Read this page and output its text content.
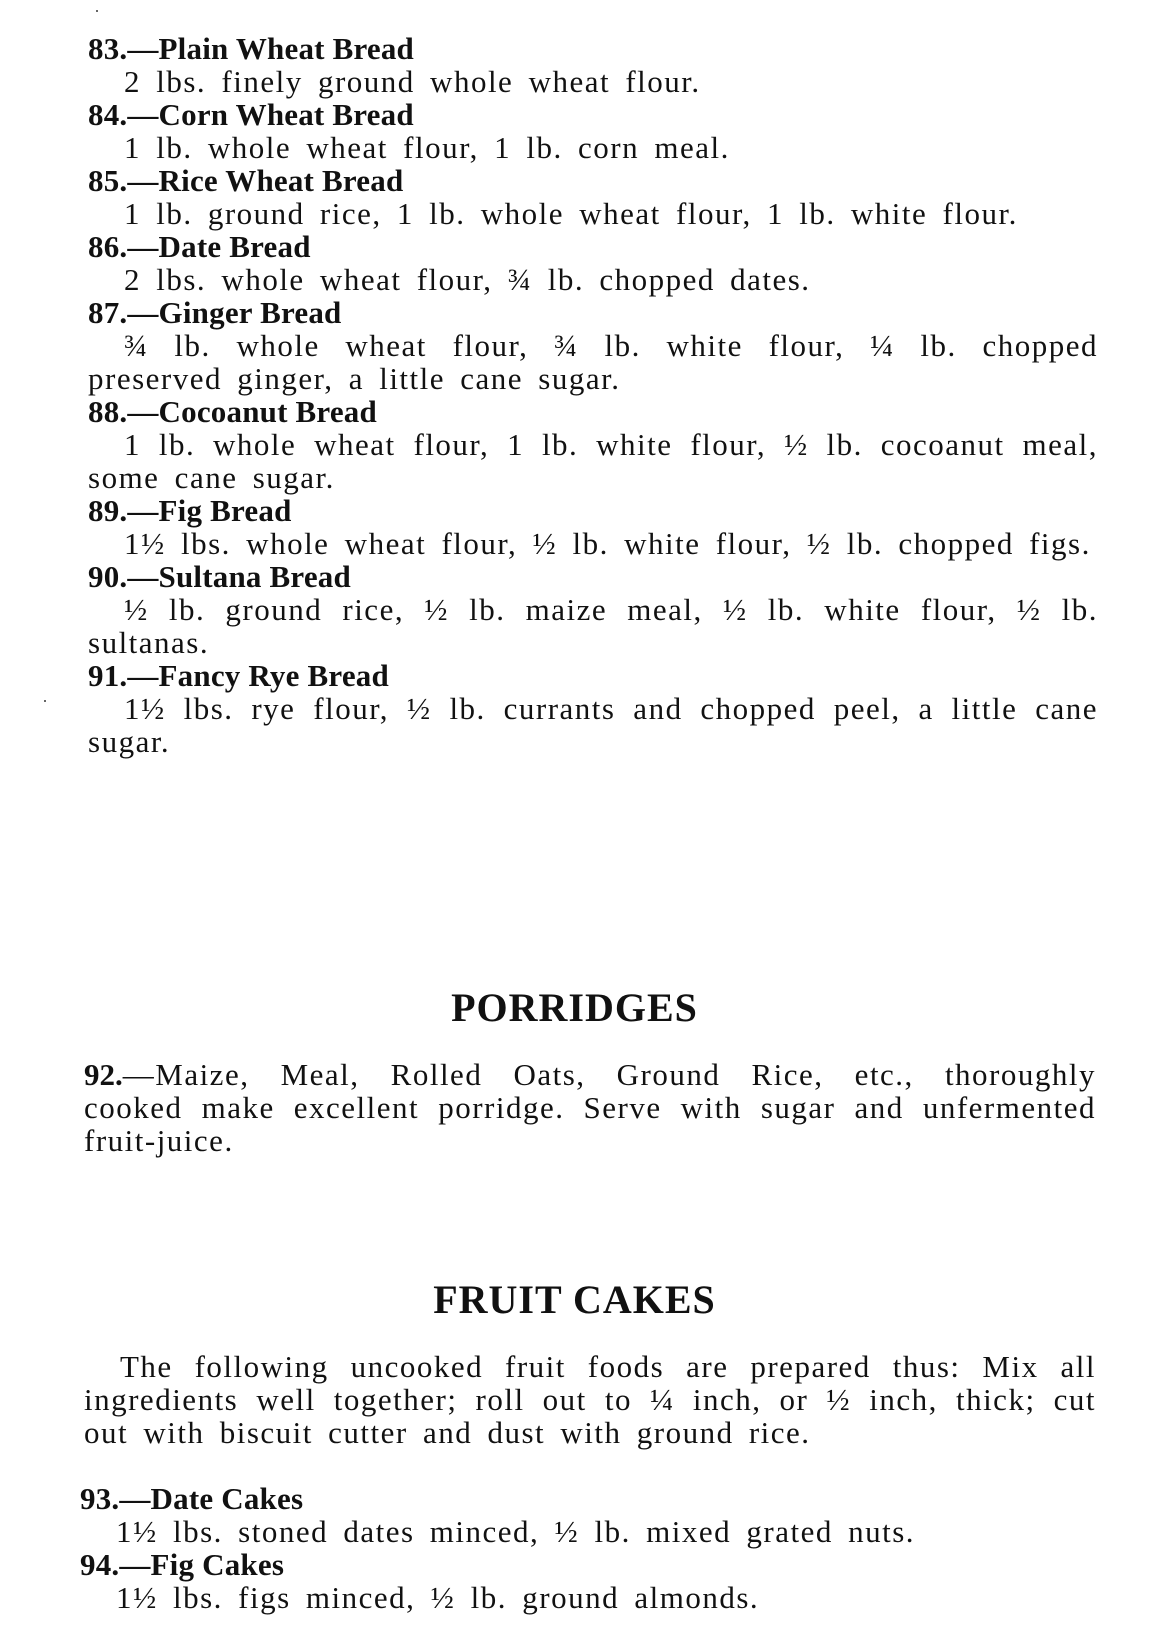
83.—Plain Wheat Bread

2 lbs. finely ground whole wheat flour.

84.—Corn Wheat Bread

1 lb. whole wheat flour, 1 lb. corn meal.

85.—Rice Wheat Bread

1 lb. ground rice, 1 lb. whole wheat flour, 1 lb. white flour.

86.—Date Bread

2 lbs. whole wheat flour, ¾ lb. chopped dates.

87.—Ginger Bread

¾ lb. whole wheat flour, ¾ lb. white flour, ¼ lb. chopped preserved ginger, a little cane sugar.

88.—Cocoanut Bread

1 lb. whole wheat flour, 1 lb. white flour, ½ lb. cocoanut meal, some cane sugar.

89.—Fig Bread

1½ lbs. whole wheat flour, ½ lb. white flour, ½ lb. chopped figs.

90.—Sultana Bread

½ lb. ground rice, ½ lb. maize meal, ½ lb. white flour, ½ lb. sultanas.

91.—Fancy Rye Bread

1½ lbs. rye flour, ½ lb. currants and chopped peel, a little cane sugar.

PORRIDGES

92.—Maize, Meal, Rolled Oats, Ground Rice, etc., thoroughly cooked make excellent porridge. Serve with sugar and unfermented fruit-juice.

FRUIT CAKES

The following uncooked fruit foods are prepared thus: Mix all ingredients well together; roll out to ¼ inch, or ½ inch, thick; cut out with biscuit cutter and dust with ground rice.

93.—Date Cakes

1½ lbs. stoned dates minced, ½ lb. mixed grated nuts.

94.—Fig Cakes

1½ lbs. figs minced, ½ lb. ground almonds.
